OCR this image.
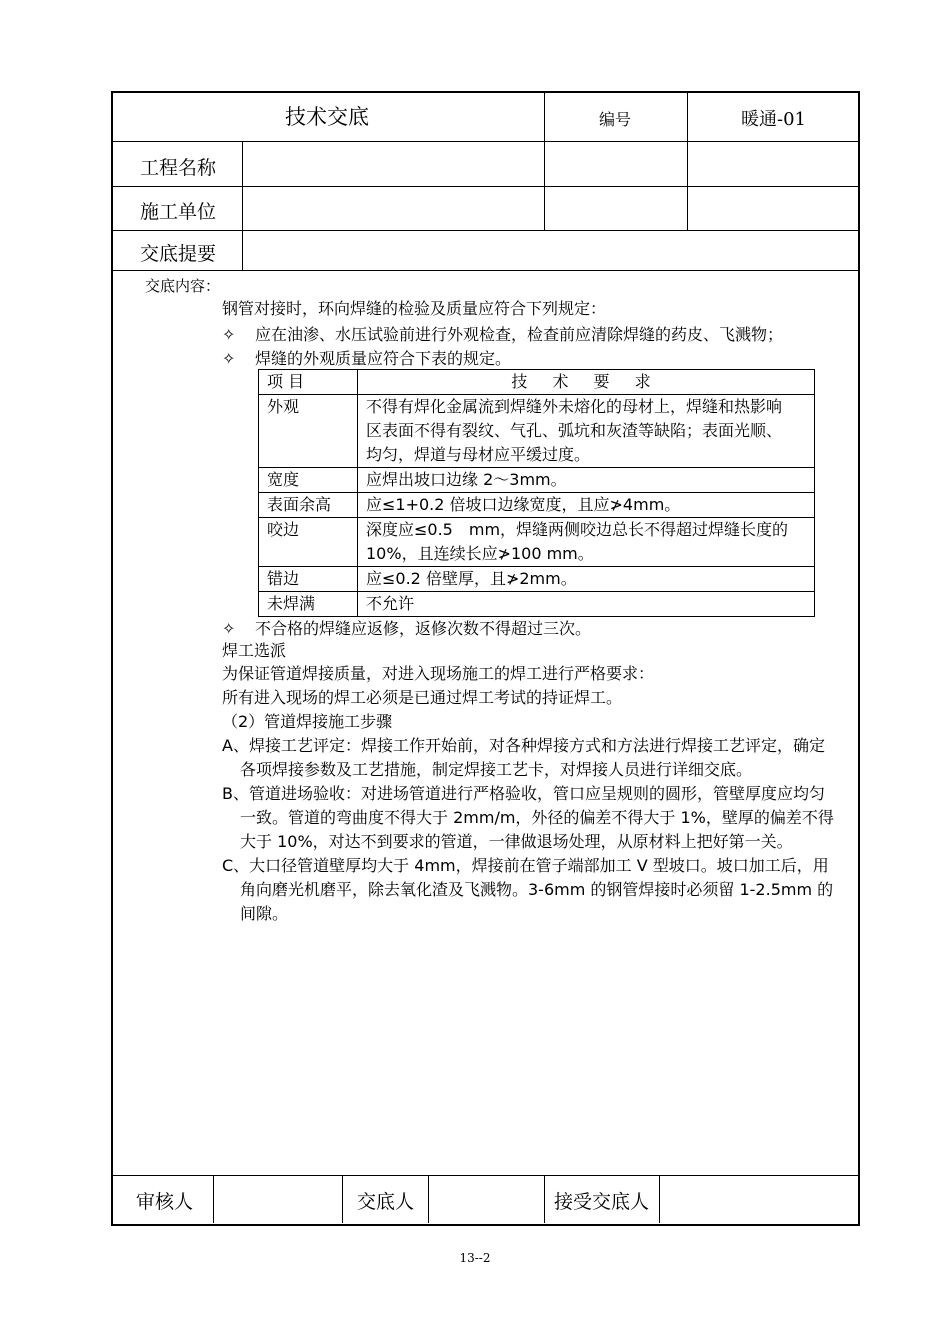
技术交底	编号	暖通-01
工程名称
施工单位
交底提要
交底内容：
钢管对接时，环向焊缝的检验及质量应符合下列规定：
✧ 应在油渗、水压试验前进行外观检查，检查前应清除焊缝的药皮、飞溅物；
✧ 焊缝的外观质量应符合下表的规定。
项 目	技 术 要 求
外观	不得有焊化金属流到焊缝外未熔化的母材上，焊缝和热影响
区表面不得有裂纹、气孔、弧坑和灰渣等缺陷；表面光顺、
均匀，焊道与母材应平缓过度。

宽度	应焊出坡口边缘 2～3mm。

表面余高	应≤1+0.2 倍坡口边缘宽度，且应≯4mm。

咬边	深度应≤0.5　mm，焊缝两侧咬边总长不得超过焊缝长度的
10%，且连续长应≯100 mm。

错边	应≤0.2 倍壁厚，且≯2mm。

未焊满	不允许
✧ 不合格的焊缝应返修，返修次数不得超过三次。
焊工选派
为保证管道焊接质量，对进入现场施工的焊工进行严格要求：
所有进入现场的焊工必须是已通过焊工考试的持证焊工。
（2）管道焊接施工步骤
A、焊接工艺评定：焊接工作开始前，对各种焊接方式和方法进行焊接工艺评定，确定
各项焊接参数及工艺措施，制定焊接工艺卡，对焊接人员进行详细交底。
B、管道进场验收：对进场管道进行严格验收，管口应呈规则的圆形，管壁厚度应均匀
一致。管道的弯曲度不得大于 2mm/m，外径的偏差不得大于 1%，壁厚的偏差不得
大于 10%，对达不到要求的管道，一律做退场处理，从原材料上把好第一关。
C、大口径管道壁厚均大于 4mm，焊接前在管子端部加工 V 型坡口。坡口加工后，用
角向磨光机磨平，除去氧化渣及飞溅物。3-6mm 的钢管焊接时必须留 1-2.5mm 的
间隙。
审核人	交底人	接受交底人
13--2
